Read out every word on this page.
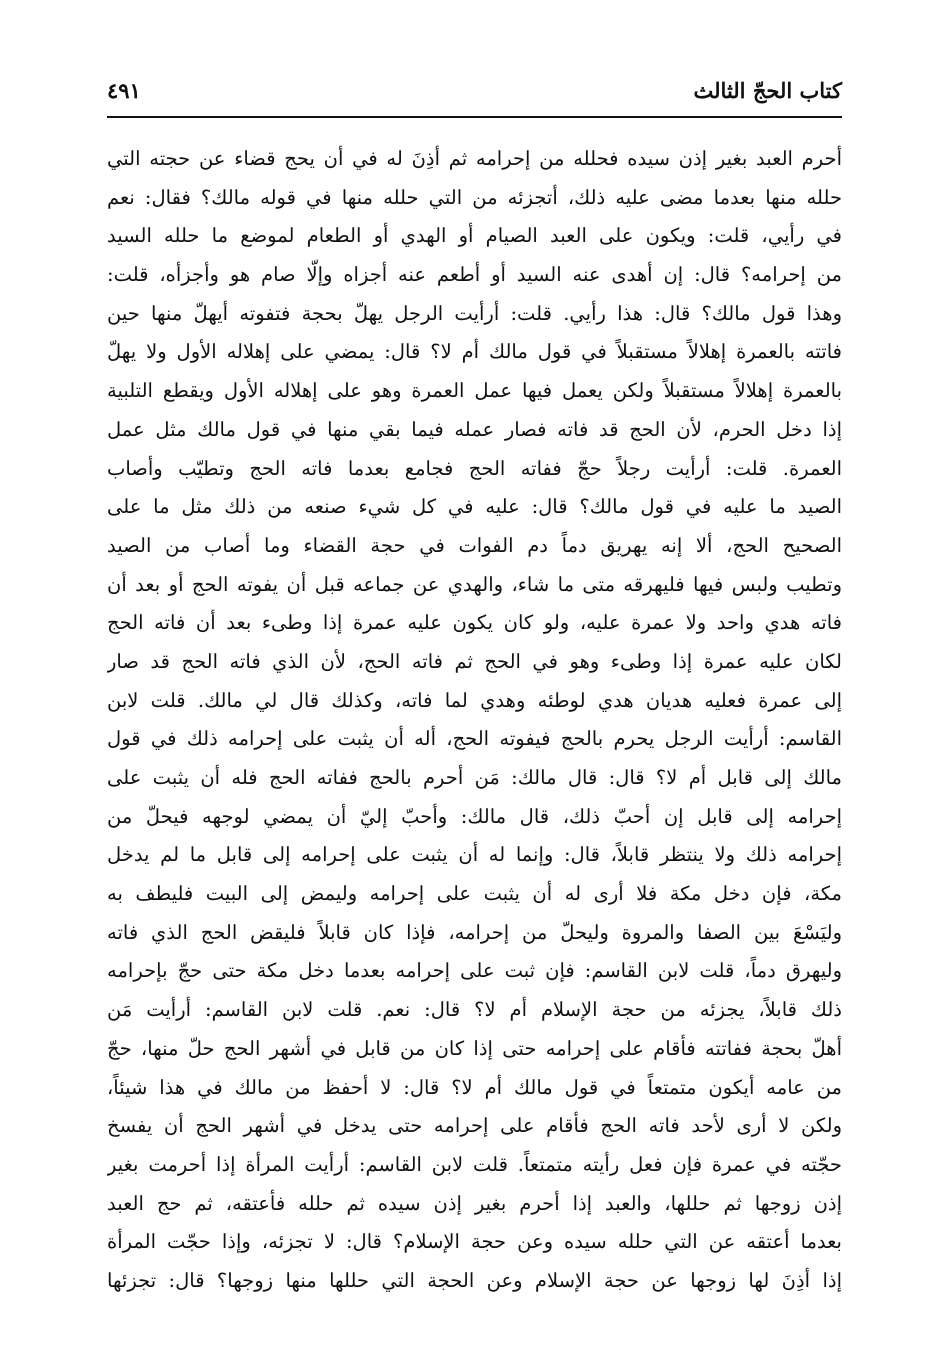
كتاب الحجّ الثالث
٤٩١
أحرم العبد بغير إذن سيده فحلله من إحرامه ثم أذِنَ له في أن يحج قضاء عن حجته التي
حلله منها بعدما مضى عليه ذلك، أتجزئه من التي حلله منها في قوله مالك؟ فقال: نعم
في رأيي، قلت: ويكون على العبد الصيام أو الهدي أو الطعام لموضع ما حلله السيد
من إحرامه؟ قال: إن أهدى عنه السيد أو أطعم عنه أجزاه وإلّا صام هو وأجزأه، قلت:
وهذا قول مالك؟ قال: هذا رأيي. قلت: أرأيت الرجل يهلّ بحجة فتفوته أيهلّ منها حين
فاتته بالعمرة إهلالاً مستقبلاً في قول مالك أم لا؟ قال: يمضي على إهلاله الأول ولا يهلّ
بالعمرة إهلالاً مستقبلاً ولكن يعمل فيها عمل العمرة وهو على إهلاله الأول ويقطع التلبية
إذا دخل الحرم، لأن الحج قد فاته فصار عمله فيما بقي منها في قول مالك مثل عمل
العمرة. قلت: أرأيت رجلاً حجّ ففاته الحج فجامع بعدما فاته الحج وتطيّب وأصاب
الصيد ما عليه في قول مالك؟ قال: عليه في كل شيء صنعه من ذلك مثل ما على
الصحيح الحج، ألا إنه يهريق دماً دم الفوات في حجة القضاء وما أصاب من الصيد
وتطيب ولبس فيها فليهرقه متى ما شاء، والهدي عن جماعه قبل أن يفوته الحج أو بعد أن
فاته هدي واحد ولا عمرة عليه، ولو كان يكون عليه عمرة إذا وطىء بعد أن فاته الحج
لكان عليه عمرة إذا وطىء وهو في الحج ثم فاته الحج، لأن الذي فاته الحج قد صار
إلى عمرة فعليه هديان هدي لوطئه وهدي لما فاته، وكذلك قال لي مالك. قلت لابن
القاسم: أرأيت الرجل يحرم بالحج فيفوته الحج، أله أن يثبت على إحرامه ذلك في قول
مالك إلى قابل أم لا؟ قال: قال مالك: مَن أحرم بالحج ففاته الحج فله أن يثبت على
إحرامه إلى قابل إن أحبّ ذلك، قال مالك: وأحبّ إليّ أن يمضي لوجهه فيحلّ من
إحرامه ذلك ولا ينتظر قابلاً، قال: وإنما له أن يثبت على إحرامه إلى قابل ما لم يدخل
مكة، فإن دخل مكة فلا أرى له أن يثبت على إحرامه وليمض إلى البيت فليطف به
وليَسْعَ بين الصفا والمروة وليحلّ من إحرامه، فإذا كان قابلاً فليقض الحج الذي فاته
وليهرق دماً، قلت لابن القاسم: فإن ثبت على إحرامه بعدما دخل مكة حتى حجّ بإحرامه
ذلك قابلاً، يجزئه من حجة الإسلام أم لا؟ قال: نعم. قلت لابن القاسم: أرأيت مَن
أهلّ بحجة ففاتته فأقام على إحرامه حتى إذا كان من قابل في أشهر الحج حلّ منها، حجّ
من عامه أيكون متمتعاً في قول مالك أم لا؟ قال: لا أحفظ من مالك في هذا شيئاً،
ولكن لا أرى لأحد فاته الحج فأقام على إحرامه حتى يدخل في أشهر الحج أن يفسخ
حجّته في عمرة فإن فعل رأيته متمتعاً. قلت لابن القاسم: أرأيت المرأة إذا أحرمت بغير
إذن زوجها ثم حللها، والعبد إذا أحرم بغير إذن سيده ثم حلله فأعتقه، ثم حج العبد
بعدما أعتقه عن التي حلله سيده وعن حجة الإسلام؟ قال: لا تجزئه، وإذا حجّت المرأة
إذا أذِنَ لها زوجها عن حجة الإسلام وعن الحجة التي حللها منها زوجها؟ قال: تجزئها
